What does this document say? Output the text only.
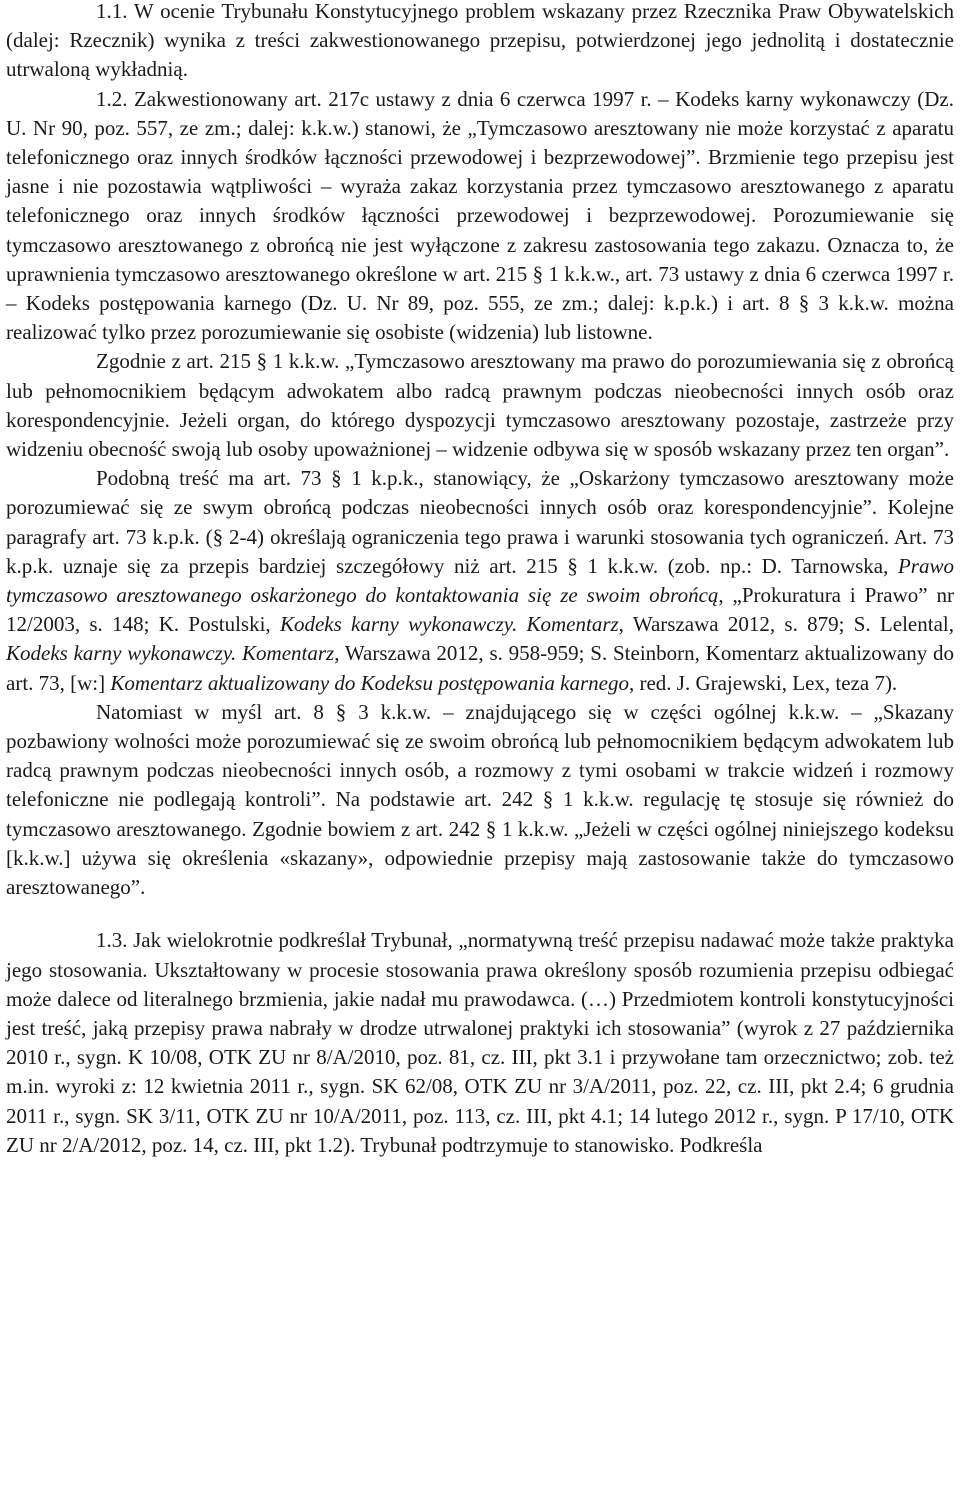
1.1. W ocenie Trybunału Konstytucyjnego problem wskazany przez Rzecznika Praw Obywatelskich (dalej: Rzecznik) wynika z treści zakwestionowanego przepisu, potwierdzonej jego jednolitą i dostatecznie utrwaloną wykładnią.

1.2. Zakwestionowany art. 217c ustawy z dnia 6 czerwca 1997 r. – Kodeks karny wykonawczy (Dz. U. Nr 90, poz. 557, ze zm.; dalej: k.k.w.) stanowi, że „Tymczasowo aresztowany nie może korzystać z aparatu telefonicznego oraz innych środków łączności przewodowej i bezprzewodowej”. Brzmienie tego przepisu jest jasne i nie pozostawia wątpliwości – wyraża zakaz korzystania przez tymczasowo aresztowanego z aparatu telefonicznego oraz innych środków łączności przewodowej i bezprzewodowej. Porozumiewanie się tymczasowo aresztowanego z obrońcą nie jest wyłączone z zakresu zastosowania tego zakazu. Oznacza to, że uprawnienia tymczasowo aresztowanego określone w art. 215 § 1 k.k.w., art. 73 ustawy z dnia 6 czerwca 1997 r. – Kodeks postępowania karnego (Dz. U. Nr 89, poz. 555, ze zm.; dalej: k.p.k.) i art. 8 § 3 k.k.w. można realizować tylko przez porozumiewanie się osobiste (widzenia) lub listowne.

Zgodnie z art. 215 § 1 k.k.w. „Tymczasowo aresztowany ma prawo do porozumiewania się z obrońcą lub pełnomocnikiem będącym adwokatem albo radcą prawnym podczas nieobecności innych osób oraz korespondencyjnie. Jeżeli organ, do którego dyspozycji tymczasowo aresztowany pozostaje, zastrzeże przy widzeniu obecność swoją lub osoby upoważnionej – widzenie odbywa się w sposób wskazany przez ten organ”.

Podobną treść ma art. 73 § 1 k.p.k., stanowiący, że „Oskarżony tymczasowo aresztowany może porozumiewać się ze swym obrońcą podczas nieobecności innych osób oraz korespondencyjnie”. Kolejne paragrafy art. 73 k.p.k. (§ 2-4) określają ograniczenia tego prawa i warunki stosowania tych ograniczeń. Art. 73 k.p.k. uznaje się za przepis bardziej szczegółowy niż art. 215 § 1 k.k.w. (zob. np.: D. Tarnowska, Prawo tymczasowo aresztowanego oskarżonego do kontaktowania się ze swoim obrońcą, „Prokuratura i Prawo” nr 12/2003, s. 148; K. Postulski, Kodeks karny wykonawczy. Komentarz, Warszawa 2012, s. 879; S. Lelental, Kodeks karny wykonawczy. Komentarz, Warszawa 2012, s. 958-959; S. Steinborn, Komentarz aktualizowany do art. 73, [w:] Komentarz aktualizowany do Kodeksu postępowania karnego, red. J. Grajewski, Lex, teza 7).

Natomiast w myśl art. 8 § 3 k.k.w. – znajdującego się w części ogólnej k.k.w. – „Skazany pozbawiony wolności może porozumiewać się ze swoim obrońcą lub pełnomocnikiem będącym adwokatem lub radcą prawnym podczas nieobecności innych osób, a rozmowy z tymi osobami w trakcie widzeń i rozmowy telefoniczne nie podlegają kontroli”. Na podstawie art. 242 § 1 k.k.w. regulację tę stosuje się również do tymczasowo aresztowanego. Zgodnie bowiem z art. 242 § 1 k.k.w. „Jeżeli w części ogólnej niniejszego kodeksu [k.k.w.] używa się określenia «skazany», odpowiednie przepisy mają zastosowanie także do tymczasowo aresztowanego”.

1.3. Jak wielokrotnie podkreślał Trybunał, „normatywną treść przepisu nadawać może także praktyka jego stosowania. Ukształtowany w procesie stosowania prawa określony sposób rozumienia przepisu odbiegać może dalece od literalnego brzmienia, jakie nadał mu prawodawca. (…) Przedmiotem kontroli konstytucyjności jest treść, jaką przepisy prawa nabrały w drodze utrwalonej praktyki ich stosowania” (wyrok z 27 października 2010 r., sygn. K 10/08, OTK ZU nr 8/A/2010, poz. 81, cz. III, pkt 3.1 i przywołane tam orzecznictwo; zob. też m.in. wyroki z: 12 kwietnia 2011 r., sygn. SK 62/08, OTK ZU nr 3/A/2011, poz. 22, cz. III, pkt 2.4; 6 grudnia 2011 r., sygn. SK 3/11, OTK ZU nr 10/A/2011, poz. 113, cz. III, pkt 4.1; 14 lutego 2012 r., sygn. P 17/10, OTK ZU nr 2/A/2012, poz. 14, cz. III, pkt 1.2). Trybunał podtrzymuje to stanowisko. Podkreśla
